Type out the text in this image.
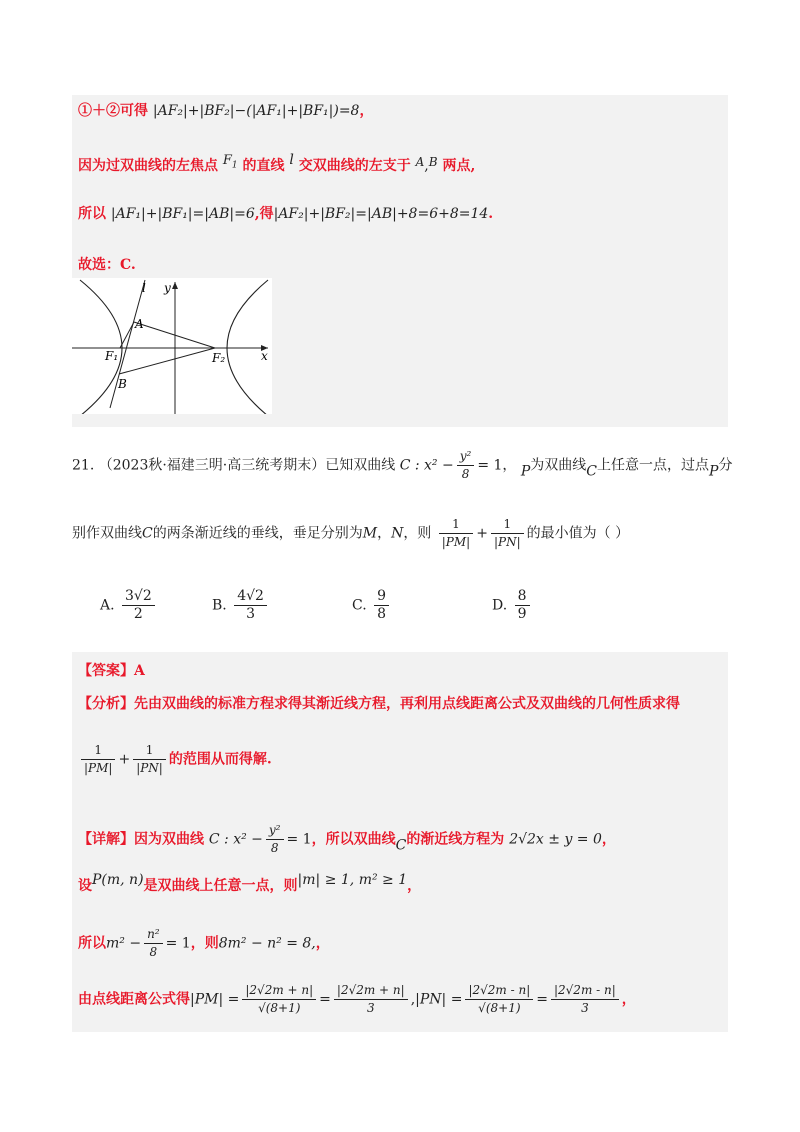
①＋②可得 |AF₂|+|BF₂|−(|AF₁|+|BF₁|)=8，
因为过双曲线的左焦点 $F_1$ 的直线 l 交双曲线的左支于 A,B 两点,
所以 |AF₁|+|BF₁|=|AB|=6,得|AF₂|+|BF₂|=|AB|+8=6+8=14.
故选：C.
y
l
A
F₁	F₂	x
B
21. （2023秋·福建三明·高三统考期末）已知双曲线 C : $x^2 - \frac{\text{y²}}{8} = 1$， P为双曲线C上任意一点，过点P分
别作双曲线C的两条渐近线的垂线，垂足分别为M，N，则 $\frac{1}{|PM|} + \frac{1}{|PN|}$ 的最小值为（ ）
A. $\frac{3√2}{2}$	B. $\frac{4√2}{3}$	C. $\frac{9}{8}$	D. $\frac{8}{9}$
【答案】A
【分析】先由双曲线的标准方程求得其渐近线方程，再利用点线距离公式及双曲线的几何性质求得
$\frac{1}{|PM|} + \frac{1}{|PN|}$ 的范围从而得解.
【详解】因为双曲线 C : $x^2 - \frac{\text{y²}}{8} = 1$，所以双曲线C的渐近线方程为 2√2x ± y = 0，
设P(m, n)是双曲线上任意一点，则|m| ≥ 1, m² ≥ 1，
所以$m^2 - \frac{\text{n²}}{8} = 1$，则8m² − n² = 8,，
由点线距离公式得$|PM| = \frac{|2√2m + n|}{√(8+1)} = \frac{|2√2m + n|}{3} ,|PN| = \frac{|2√2m - n|}{√(8+1)} = \frac{|2√2m - n|}{3}$ ，
